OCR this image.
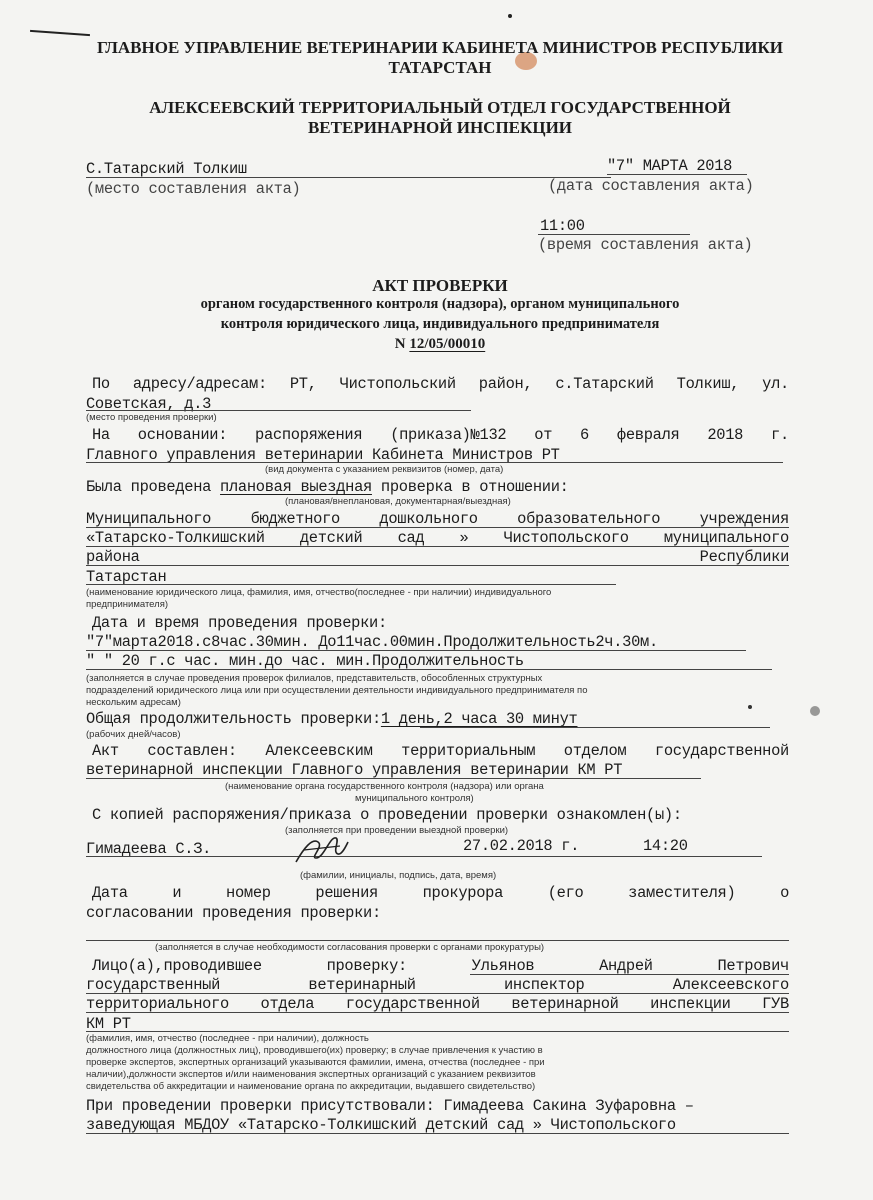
ГЛАВНОЕ УПРАВЛЕНИЕ ВЕТЕРИНАРИИ КАБИНЕТА МИНИСТРОВ РЕСПУБЛИКИ
ТАТАРСТАН
АЛЕКСЕЕВСКИЙ ТЕРРИТОРИАЛЬНЫЙ ОТДЕЛ ГОСУДАРСТВЕННОЙ
ВЕТЕРИНАРНОЙ ИНСПЕКЦИИ
С.Татарский Толкиш	"7" МАРТА 2018
(место составления акта)	(дата составления акта)
11:00
(время составления акта)
АКТ ПРОВЕРКИ
органом государственного контроля (надзора), органом муниципального
контроля юридического лица, индивидуального предпринимателя
N 12/05/00010
По адресу/адресам: РТ, Чистопольский район, с.Татарский Толкиш, ул.
Советская, д.3
(место проведения проверки)
На основании: распоряжения (приказа)№132 от 6 февраля 2018 г.
Главного управления ветеринарии Кабинета Министров РТ
(вид документа с указанием реквизитов (номер, дата)
Была проведена плановая выездная проверка в отношении:
(плановая/внеплановая, документарная/выездная)
Муниципального	бюджетного	дошкольного	образовательного	учреждения
«Татарско-Толкишский детский сад » Чистопольского муниципального
района	Республики
Татарстан
(наименование юридического лица, фамилия, имя, отчество(последнее - при наличии) индивидуального
предпринимателя)
Дата и время проведения проверки:
"7"марта2018.с8час.30мин. До11час.00мин.Продолжительность2ч.30м.
" " 20 г.с час. мин.до час. мин.Продолжительность
(заполняется в случае проведения проверок филиалов, представительств, обособленных структурных
подразделений юридического лица или при осуществлении деятельности индивидуального предпринимателя по
нескольким адресам)
Общая продолжительность проверки:1 день,2 часа 30 минут
(рабочих дней/часов)
Акт составлен: Алексеевским территориальным отделом государственной
ветеринарной инспекции Главного управления ветеринарии КМ РТ
(наименование органа государственного контроля (надзора) или органа
муниципального контроля)
С копией распоряжения/приказа о проведении проверки ознакомлен(ы):
(заполняется при проведении выездной проверки)
Гимадеева С.З.	27.02.2018 г.	14:20
(фамилии, инициалы, подпись, дата, время)
Дата	и	номер	решения	прокурора	(его	заместителя)	о
согласовании проведения проверки:
(заполняется в случае необходимости согласования проверки с органами прокуратуры)
Лицо(а),проводившее	проверку:	Ульянов	Андрей	Петрович
государственный	ветеринарный	инспектор	Алексеевского
территориального отдела государственной ветеринарной инспекции ГУВ
КМ РТ
(фамилия, имя, отчество (последнее - при наличии), должность
должностного лица (должностных лиц), проводившего(их) проверку; в случае привлечения к участию в
проверке экспертов, экспертных организаций указываются фамилии, имена, отчества (последнее - при
наличии),должности экспертов и/или наименования экспертных организаций с указанием реквизитов
свидетельства об аккредитации и наименование органа по аккредитации, выдавшего свидетельство)
При проведении проверки присутствовали: Гимадеева Сакина Зуфаровна –
заведующая МБДОУ «Татарско-Толкишский детский сад » Чистопольского
